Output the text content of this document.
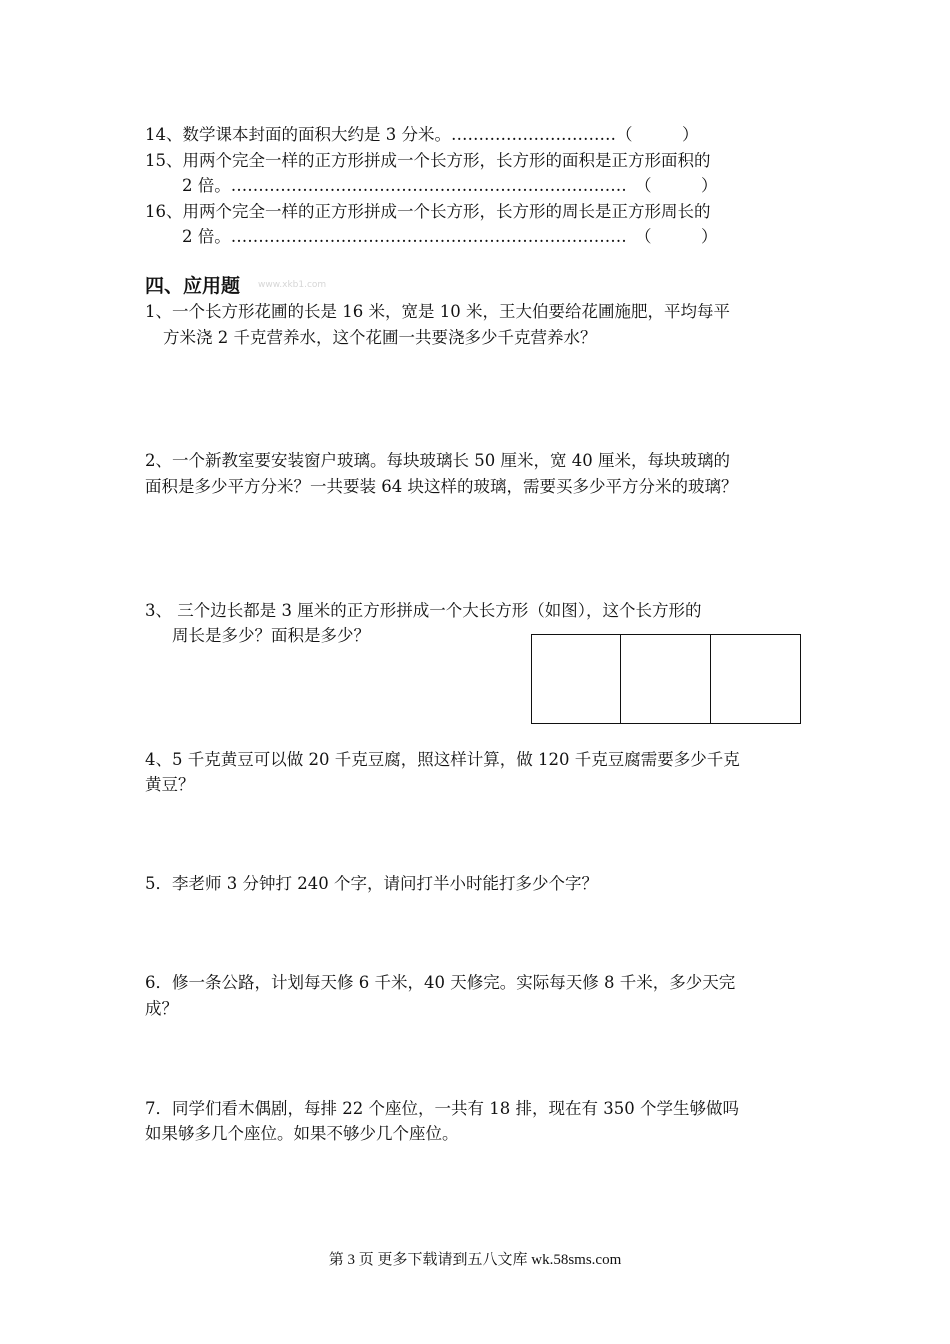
14、数学课本封面的面积大约是 3 分米。…………………………（　　　）
15、用两个完全一样的正方形拼成一个长方形，长方形的面积是正方形面积的
2 倍。………………………………………………………………　（　　　）
16、用两个完全一样的正方形拼成一个长方形，长方形的周长是正方形周长的
2 倍。………………………………………………………………　（　　　）
四、应用题 www.xkb1.com
1、一个长方形花圃的长是 16 米，宽是 10 米，王大伯要给花圃施肥，平均每平
方米浇 2 千克营养水，这个花圃一共要浇多少千克营养水？
2、一个新教室要安装窗户玻璃。每块玻璃长 50 厘米，宽 40 厘米，每块玻璃的
面积是多少平方分米？一共要装 64 块这样的玻璃，需要买多少平方分米的玻璃？
3、 三个边长都是 3 厘米的正方形拼成一个大长方形（如图），这个长方形的
周长是多少？面积是多少？
4、5 千克黄豆可以做 20 千克豆腐，照这样计算，做 120 千克豆腐需要多少千克
黄豆？
5．李老师 3 分钟打 240 个字，请问打半小时能打多少个字？
6．修一条公路，计划每天修 6 千米，40 天修完。实际每天修 8 千米，多少天完
成？
7．同学们看木偶剧，每排 22 个座位，一共有 18 排，现在有 350 个学生够做吗
如果够多几个座位。如果不够少几个座位。
第 3 页 更多下载请到五八文库 wk.58sms.com
